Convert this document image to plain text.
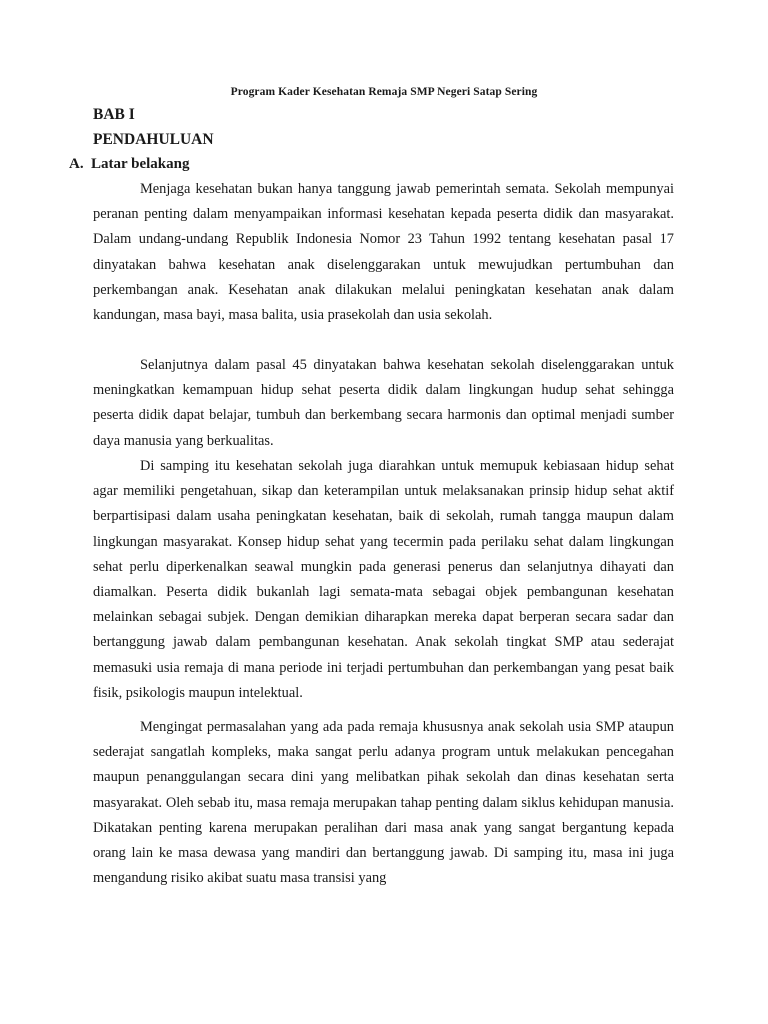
Program Kader Kesehatan Remaja SMP Negeri Satap Sering
BAB I
PENDAHULUAN
A. Latar belakang

Menjaga kesehatan bukan hanya tanggung jawab pemerintah semata. Sekolah mempunyai peranan penting dalam menyampaikan informasi kesehatan kepada peserta didik dan masyarakat. Dalam undang-undang Republik Indonesia Nomor 23 Tahun 1992 tentang kesehatan pasal 17 dinyatakan bahwa kesehatan anak diselenggarakan untuk mewujudkan pertumbuhan dan perkembangan anak. Kesehatan anak dilakukan melalui peningkatan kesehatan anak dalam kandungan, masa bayi, masa balita, usia prasekolah dan usia sekolah.

Selanjutnya dalam pasal 45 dinyatakan bahwa kesehatan sekolah diselenggarakan untuk meningkatkan kemampuan hidup sehat peserta didik dalam lingkungan hudup sehat sehingga peserta didik dapat belajar, tumbuh dan berkembang secara harmonis dan optimal menjadi sumber daya manusia yang berkualitas.

Di samping itu kesehatan sekolah juga diarahkan untuk memupuk kebiasaan hidup sehat agar memiliki pengetahuan, sikap dan keterampilan untuk melaksanakan prinsip hidup sehat aktif berpartisipasi dalam usaha peningkatan kesehatan, baik di sekolah, rumah tangga maupun dalam lingkungan masyarakat. Konsep hidup sehat yang tecermin pada perilaku sehat dalam lingkungan sehat perlu diperkenalkan seawal mungkin pada generasi penerus dan selanjutnya dihayati dan diamalkan. Peserta didik bukanlah lagi semata-mata sebagai objek pembangunan kesehatan melainkan sebagai subjek. Dengan demikian diharapkan mereka dapat berperan secara sadar dan bertanggung jawab dalam pembangunan kesehatan. Anak sekolah tingkat SMP atau sederajat memasuki usia remaja di mana periode ini terjadi pertumbuhan dan perkembangan yang pesat baik fisik, psikologis maupun intelektual.

Mengingat permasalahan yang ada pada remaja khususnya anak sekolah usia SMP ataupun sederajat sangatlah kompleks, maka sangat perlu adanya program untuk melakukan pencegahan maupun penanggulangan secara dini yang melibatkan pihak sekolah dan dinas kesehatan serta masyarakat. Oleh sebab itu, masa remaja merupakan tahap penting dalam siklus kehidupan manusia. Dikatakan penting karena merupakan peralihan dari masa anak yang sangat bergantung kepada orang lain ke masa dewasa yang mandiri dan bertanggung jawab. Di samping itu, masa ini juga mengandung risiko akibat suatu masa transisi yang
